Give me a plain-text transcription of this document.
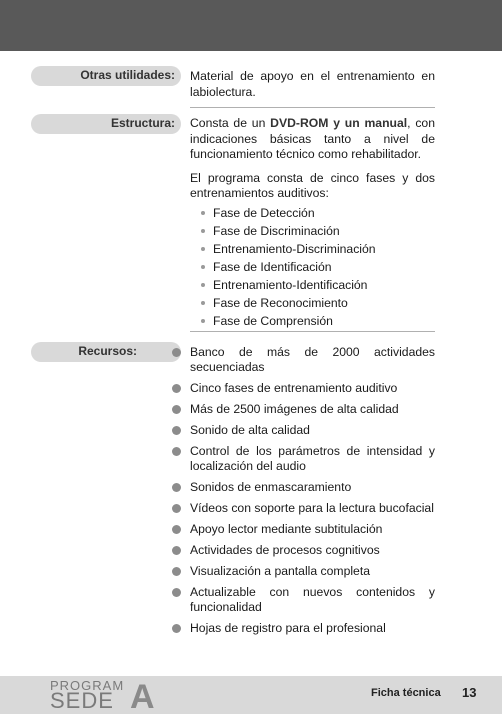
Otras utilidades: Material de apoyo en el entrenamiento en labiolectura.

Estructura: Consta de un DVD-ROM y un manual, con indicaciones básicas tanto a nivel de funcionamiento técnico como rehabilitador.

El programa consta de cinco fases y dos entrenamientos auditivos:

Fase de Detección
Fase de Discriminación
Entrenamiento-Discriminación
Fase de Identificación
Entrenamiento-Identificación
Fase de Reconocimiento
Fase de Comprensión
Recursos:	Banco de más de 2000 actividades secuenciadas
Cinco fases de entrenamiento auditivo
Más de 2500 imágenes de alta calidad
Sonido de alta calidad
Control de los parámetros de intensidad y localización del audio
Sonidos de enmascaramiento
Vídeos con soporte para la lectura bucofacial
Apoyo lector mediante subtitulación
Actividades de procesos cognitivos
Visualización a pantalla completa
Actualizable con nuevos contenidos y funcionalidad
Hojas de registro para el profesional
PROGRAM
SEDE A	Ficha técnica 13
